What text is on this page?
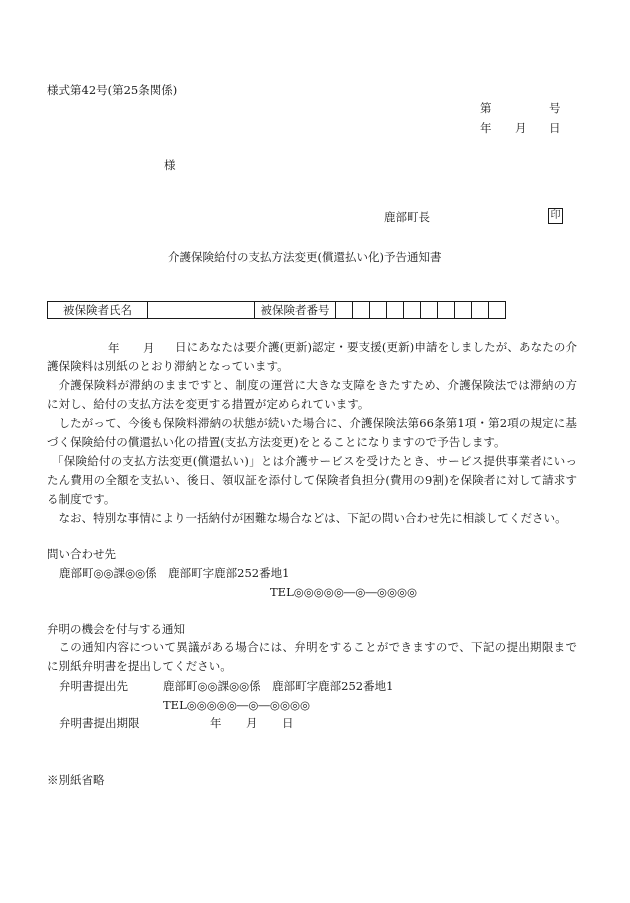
様式第42号(第25条関係)
第	号
年 月 日
様
鹿部町長	印
介護保険給付の支払方法変更(償還払い化)予告通知書
被保険者氏名		被保険者番号										
年 月	日にあなたは要介護(更新)認定・要支援(更新)申請をしましたが、あなたの介護保険料は別紙のとおり滞納となっています。
介護保険料が滞納のままですと、制度の運営に大きな支障をきたすため、介護保険法では滞納の方に対し、給付の支払方法を変更する措置が定められています。
したがって、今後も保険料滞納の状態が続いた場合に、介護保険法第66条第1項・第2項の規定に基づく保険給付の償還払い化の措置(支払方法変更)をとることになりますので予告します。
「保険給付の支払方法変更(償還払い)」とは介護サービスを受けたとき、サービス提供事業者にいったん費用の全額を支払い、後日、領収証を添付して保険者負担分(費用の9割)を保険者に対して請求する制度です。
なお、特別な事情により一括納付が困難な場合などは、下記の問い合わせ先に相談してください。
問い合わせ先
鹿部町◎◎課◎◎係　鹿部町字鹿部252番地1
TEL◎◎◎◎◎―◎―◎◎◎◎
弁明の機会を付与する通知
この通知内容について異議がある場合には、弁明をすることができますので、下記の提出期限までに別紙弁明書を提出してください。
弁明書提出先	鹿部町◎◎課◎◎係　鹿部町字鹿部252番地1
TEL◎◎◎◎◎―◎―◎◎◎◎
弁明書提出期限	年 月 日
※別紙省略
